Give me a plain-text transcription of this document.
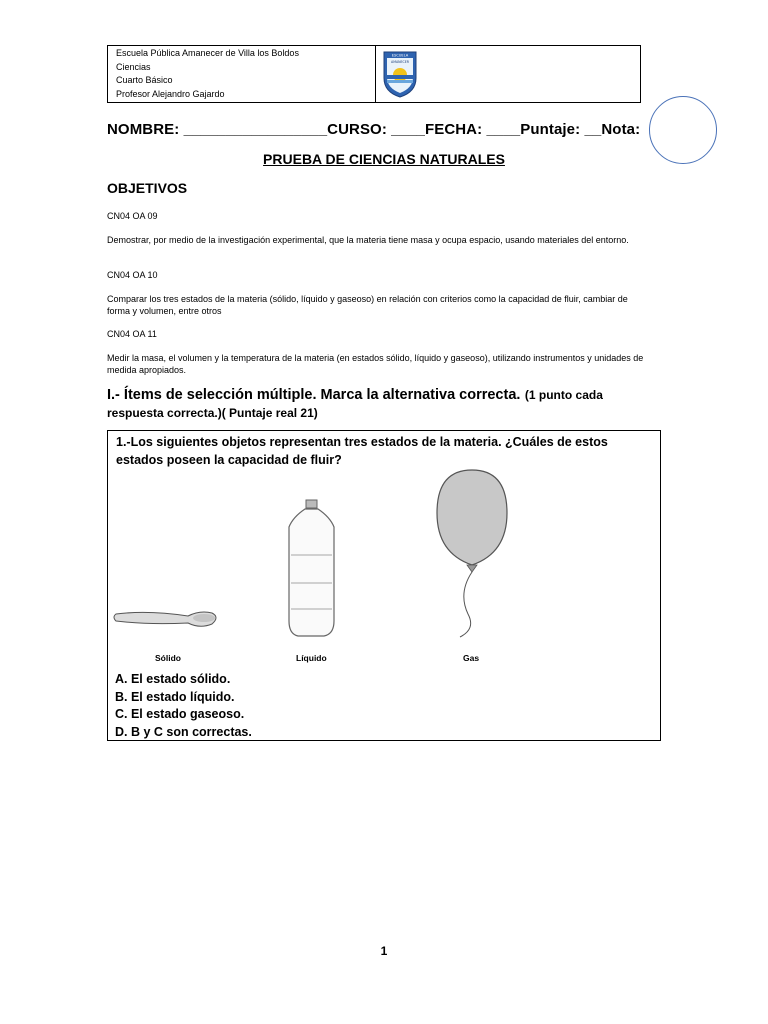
Escuela Pública Amanecer de Villa los Boldos
Ciencias
Cuarto Básico
Profesor Alejandro Gajardo
ESCUELA
AMANECER
NOMBRE: _________________CURSO: ____FECHA: ____Puntaje: __Nota:
PRUEBA DE CIENCIAS NATURALES
OBJETIVOS
CN04 OA 09
Demostrar, por medio de la investigación experimental, que la materia tiene masa y ocupa espacio, usando materiales del entorno.
CN04 OA 10
Comparar los tres estados de la materia (sólido, líquido y gaseoso) en relación con criterios como la capacidad de fluir, cambiar de forma y volumen, entre otros
CN04 OA 11
Medir la masa, el volumen y la temperatura de la materia (en estados sólido, líquido y gaseoso), utilizando instrumentos y unidades de medida apropiados.
I.- Ítems de selección múltiple. Marca la alternativa correcta. (1 punto cada respuesta correcta.)( Puntaje real 21)
1.-Los siguientes objetos representan tres estados de la materia. ¿Cuáles de estos estados poseen la capacidad de fluir?
Sólido	Líquido	Gas
A. El estado sólido.
B. El estado líquido.
C. El estado gaseoso.
D. B y C son correctas.
1
